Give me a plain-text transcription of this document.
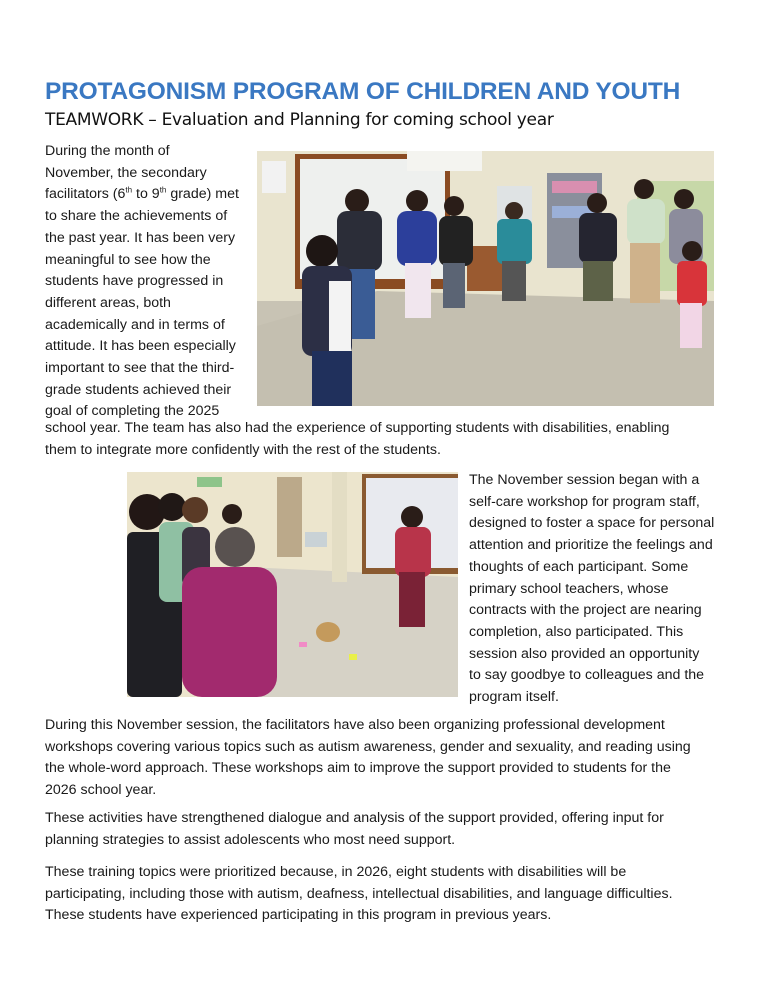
PROTAGONISM PROGRAM OF CHILDREN AND YOUTH
TEAMWORK – Evaluation and Planning for coming school year
During the month of
November, the secondary
facilitators (6th to 9th grade) met
to share the achievements of
the past year. It has been very
meaningful to see how the
students have progressed in
different areas, both
academically and in terms of
attitude. It has been especially
important to see that the third-
grade students achieved their
goal of completing the 2025
school year. The team has also had the experience of supporting students with disabilities, enabling
them to integrate more confidently with the rest of the students.
The November session began with a
self-care workshop for program staff,
designed to foster a space for personal
attention and prioritize the feelings and
thoughts of each participant. Some
primary school teachers, whose
contracts with the project are nearing
completion, also participated. This
session also provided an opportunity
to say goodbye to colleagues and the
program itself.
During this November session, the facilitators have also been organizing professional development
workshops covering various topics such as autism awareness, gender and sexuality, and reading using
the whole-word approach. These workshops aim to improve the support provided to students for the
2026 school year.
These activities have strengthened dialogue and analysis of the support provided, offering input for
planning strategies to assist adolescents who most need support.
These training topics were prioritized because, in 2026, eight students with disabilities will be
participating, including those with autism, deafness, intellectual disabilities, and language difficulties.
These students have experienced participating in this program in previous years.
